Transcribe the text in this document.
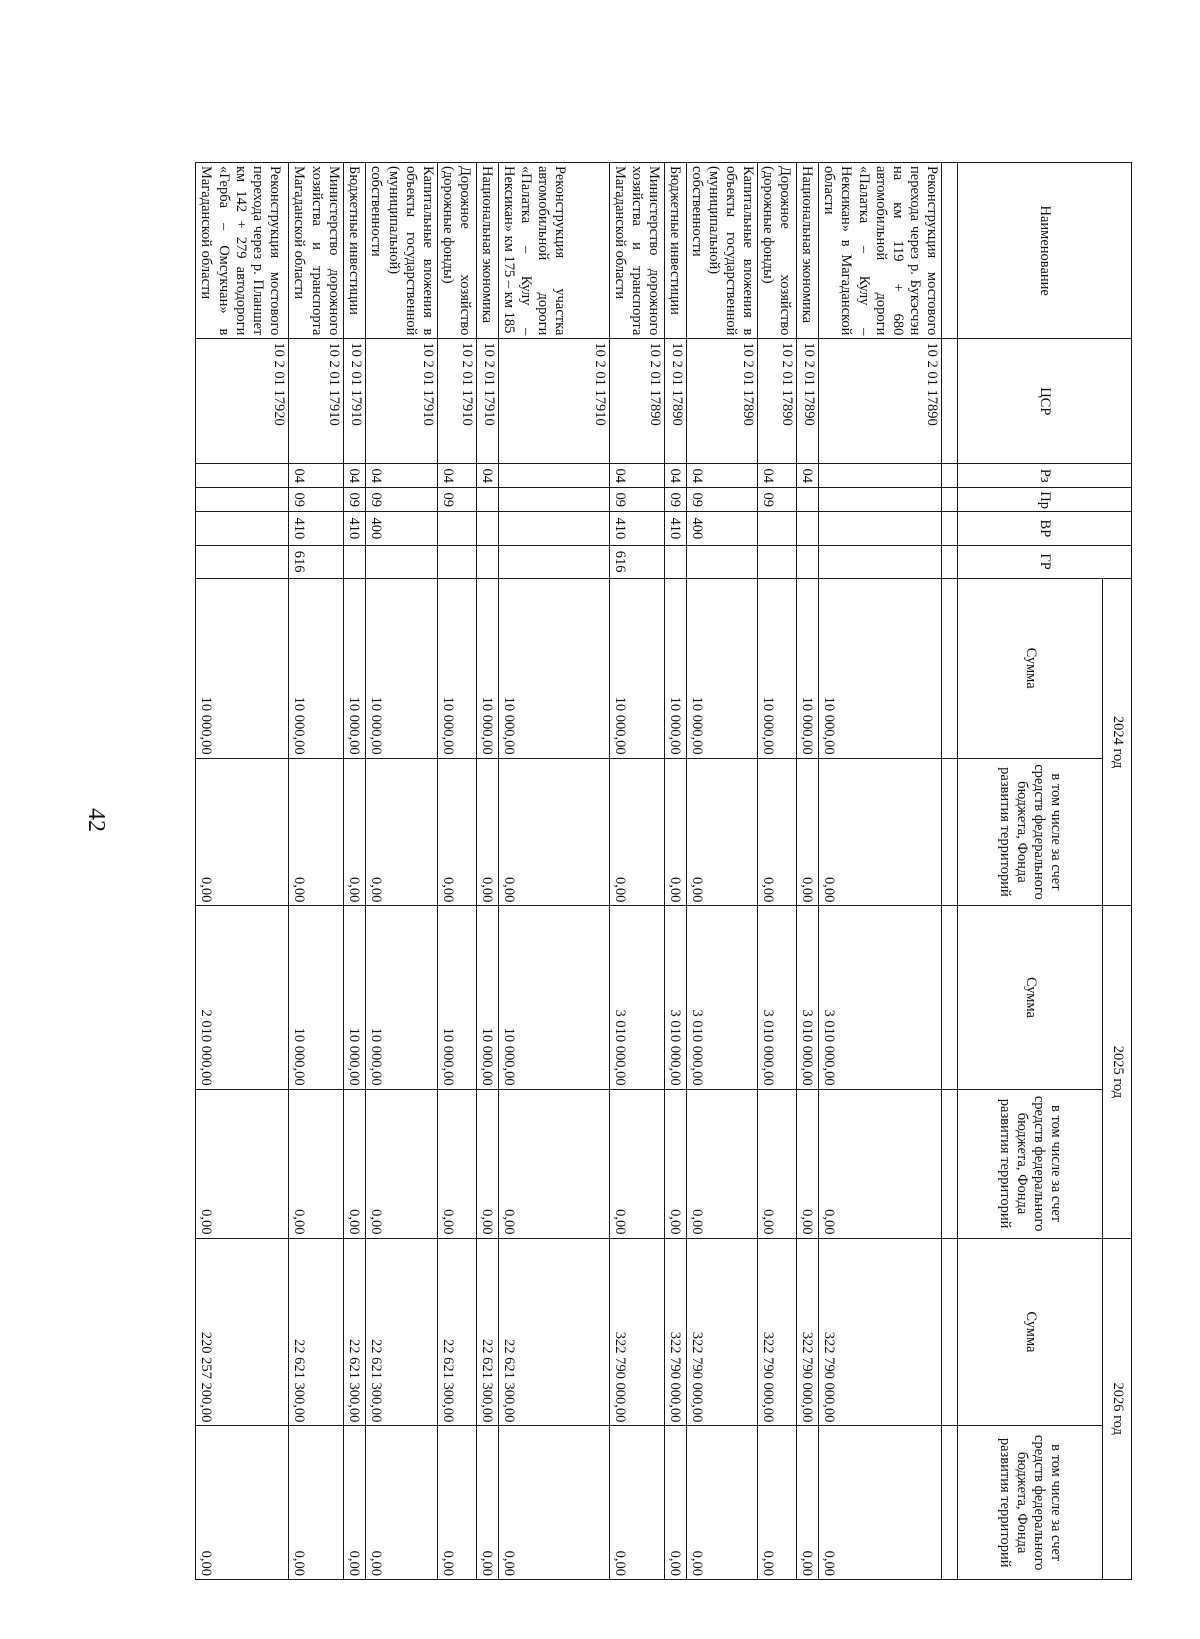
42
Наименование	ЦСР	Рз	Пр	ВР	ГР	2024 год		2025 год		2026 год	
						Сумма	в том числе за счет средств федерального бюджета, Фонда развития территорий	Сумма	в том числе за счет средств федерального бюджета, Фонда развития территорий	Сумма	в том числе за счет средств федерального бюджета, Фонда развития территорий

Реконструкция мостового перехода через р. Букэсчэн на км 119 + 680 автомобильной дороги «Палатка – Кулу – Нексикан» в Магаданской области	10 2 01 17890					10 000,00	0,00	3 010 000,00	0,00	322 790 000,00	0,00
Национальная экономика	10 2 01 17890	04				10 000,00	0,00	3 010 000,00	0,00	322 790 000,00	0,00
Дорожное хозяйство (дорожные фонды)	10 2 01 17890	04	09			10 000,00	0,00	3 010 000,00	0,00	322 790 000,00	0,00
Капитальные вложения в объекты государственной (муниципальной) собственности	10 2 01 17890	04	09	400		10 000,00	0,00	3 010 000,00	0,00	322 790 000,00	0,00
Бюджетные инвестиции	10 2 01 17890	04	09	410		10 000,00	0,00	3 010 000,00	0,00	322 790 000,00	0,00
Министерство дорожного хозяйства и транспорта Магаданской области	10 2 01 17890	04	09	410	616	10 000,00	0,00	3 010 000,00	0,00	322 790 000,00	0,00
Реконструкция участка автомобильной дороги «Палатка – Кулу – Нексикан» км 175 – км 185	10 2 01 17910					10 000,00	0,00	10 000,00	0,00	22 621 300,00	0,00
Национальная экономика	10 2 01 17910	04				10 000,00	0,00	10 000,00	0,00	22 621 300,00	0,00
Дорожное хозяйство (дорожные фонды)	10 2 01 17910	04	09			10 000,00	0,00	10 000,00	0,00	22 621 300,00	0,00
Капитальные вложения в объекты государственной (муниципальной) собственности	10 2 01 17910	04	09	400		10 000,00	0,00	10 000,00	0,00	22 621 300,00	0,00
Бюджетные инвестиции	10 2 01 17910	04	09	410		10 000,00	0,00	10 000,00	0,00	22 621 300,00	0,00
Министерство дорожного хозяйства и транспорта Магаданской области	10 2 01 17910	04	09	410	616	10 000,00	0,00	10 000,00	0,00	22 621 300,00	0,00
Реконструкция мостового перехода через р. Планшет км 142 + 279 автодороги «Герба – Омсукчан» в Магаданской области	10 2 01 17920					10 000,00	0,00	2 010 000,00	0,00	220 257 200,00	0,00
